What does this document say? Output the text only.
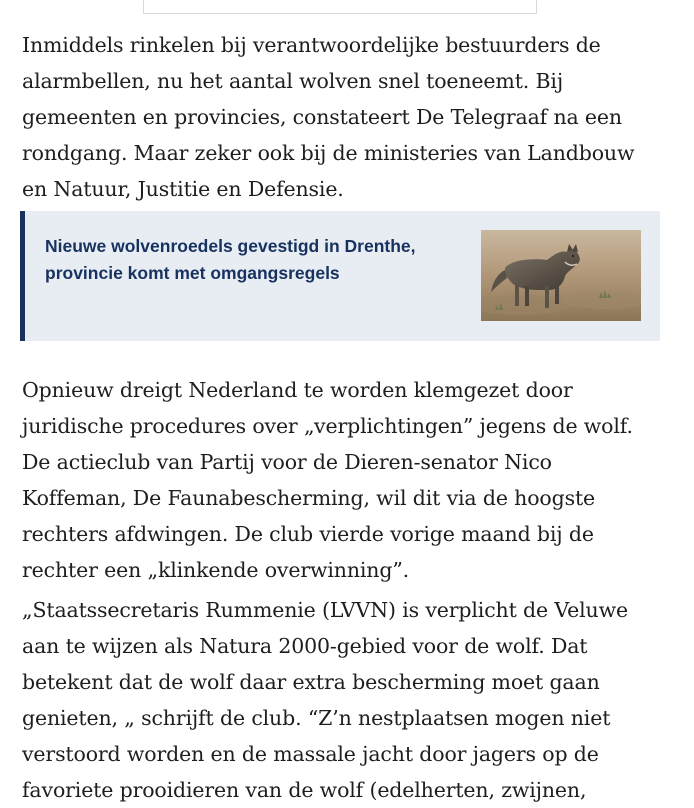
Inmiddels rinkelen bij verantwoordelijke bestuurders de
alarmbellen, nu het aantal wolven snel toeneemt. Bij
gemeenten en provincies, constateert De Telegraaf na een
rondgang. Maar zeker ook bij de ministeries van Landbouw
en Natuur, Justitie en Defensie.

Nieuwe wolvenroedels gevestigd in Drenthe,
provincie komt met omgangsregels

Opnieuw dreigt Nederland te worden klemgezet door
juridische procedures over „verplichtingen” jegens de wolf.
De actieclub van Partij voor de Dieren-senator Nico
Koffeman, De Faunabescherming, wil dit via de hoogste
rechters afdwingen. De club vierde vorige maand bij de
rechter een „klinkende overwinning”.

„Staatssecretaris Rummenie (LVVN) is verplicht de Veluwe
aan te wijzen als Natura 2000-gebied voor de wolf. Dat
betekent dat de wolf daar extra bescherming moet gaan
genieten, „ schrijft de club. “Z’n nestplaatsen mogen niet
verstoord worden en de massale jacht door jagers op de
favoriete prooidieren van de wolf (edelherten, zwijnen,
